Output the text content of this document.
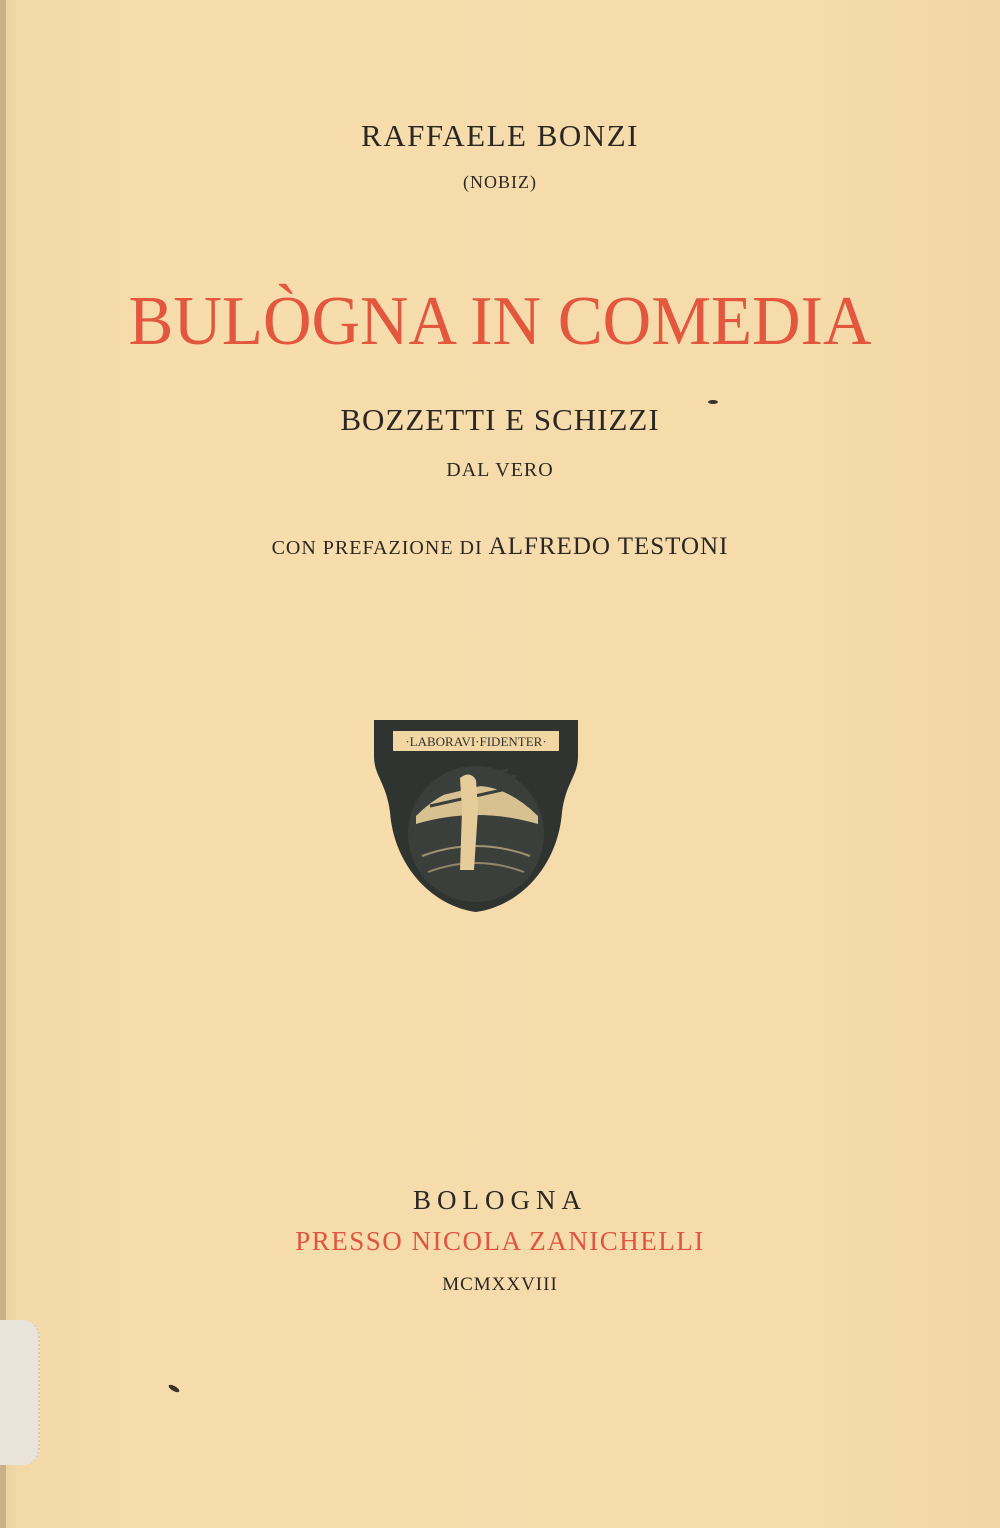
RAFFAELE BONZI
(NOBIZ)
BULÒGNA IN COMEDIA
BOZZETTI E SCHIZZI
DAL VERO
CON PREFAZIONE DI ALFREDO TESTONI
·LABORAVI·FIDENTER·
BOLOGNA
PRESSO NICOLA ZANICHELLI
MCMXXVIII
